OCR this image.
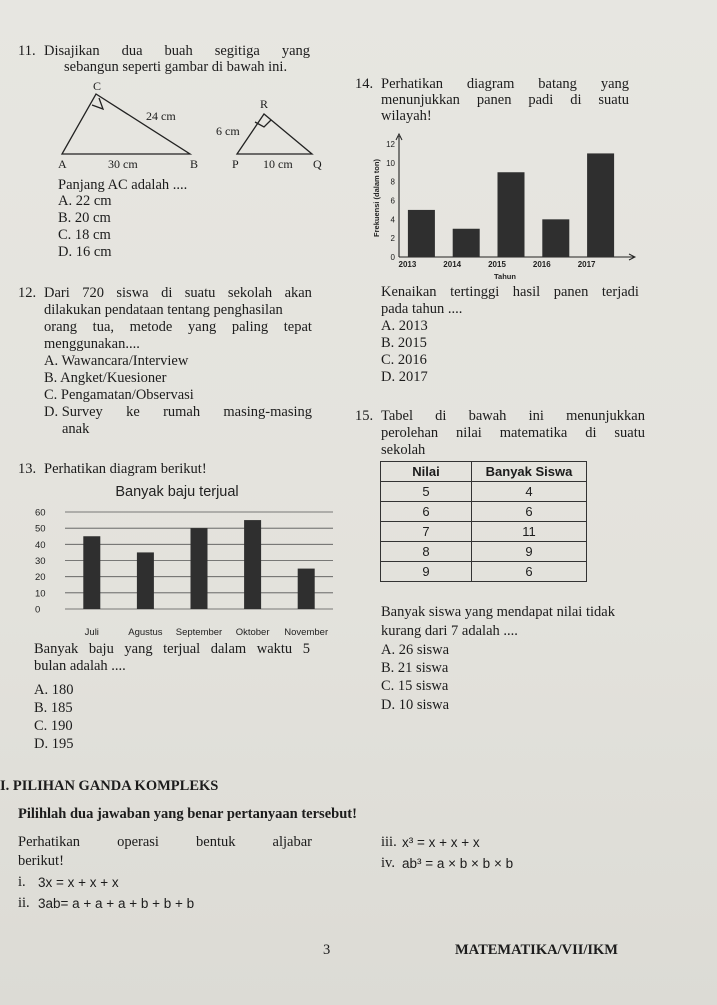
11. Disajikan dua buah segitiga yang
sebangun seperti gambar di bawah ini.
C
A	B
24 cm
30 cm
R
P	Q
6 cm
10 cm
Panjang AC adalah ....
A. 22 cm
B. 20 cm
C. 18 cm
D. 16 cm
12. Dari 720 siswa di suatu sekolah akan
dilakukan pendataan tentang penghasilan
orang tua, metode yang paling tepat
menggunakan....
A. Wawancara/Interview
B. Angket/Kuesioner
C. Pengamatan/Observasi
D. Survey ke rumah masing-masing
anak
13. Perhatikan diagram berikut!
Banyak baju terjual
0
10
20
30
40
50
60
Juli	Agustus September Oktober November
Banyak baju yang terjual dalam waktu 5
bulan adalah ....
A. 180
B. 185
C. 190
D. 195
14. Perhatikan diagram batang yang
menunjukkan panen padi di suatu
wilayah!
0
2
4
6
8
10
12
2013	2014	2015	2016	2017
Tahun
Frekuensi (dalam ton)
Kenaikan tertinggi hasil panen terjadi
pada tahun ....
A. 2013
B. 2015
C. 2016
D. 2017
15. Tabel di bawah ini menunjukkan
perolehan nilai matematika di suatu
sekolah
Nilai	Banyak Siswa
5	4
6	6
7	11
8	9
9	6
Banyak siswa yang mendapat nilai tidak
kurang dari 7 adalah ....
A. 26 siswa
B. 21 siswa
C. 15 siswa
D. 10 siswa
I. PILIHAN GANDA KOMPLEKS
Pilihlah dua jawaban yang benar pertanyaan tersebut!
Perhatikan	operasi	bentuk	aljabar
berikut!
i. 3x = x + x + x
ii. 3ab= a + a + a + b + b + b
iii. x³ = x + x + x
iv. ab³ = a × b × b × b
3	MATEMATIKA/VII/IKM
